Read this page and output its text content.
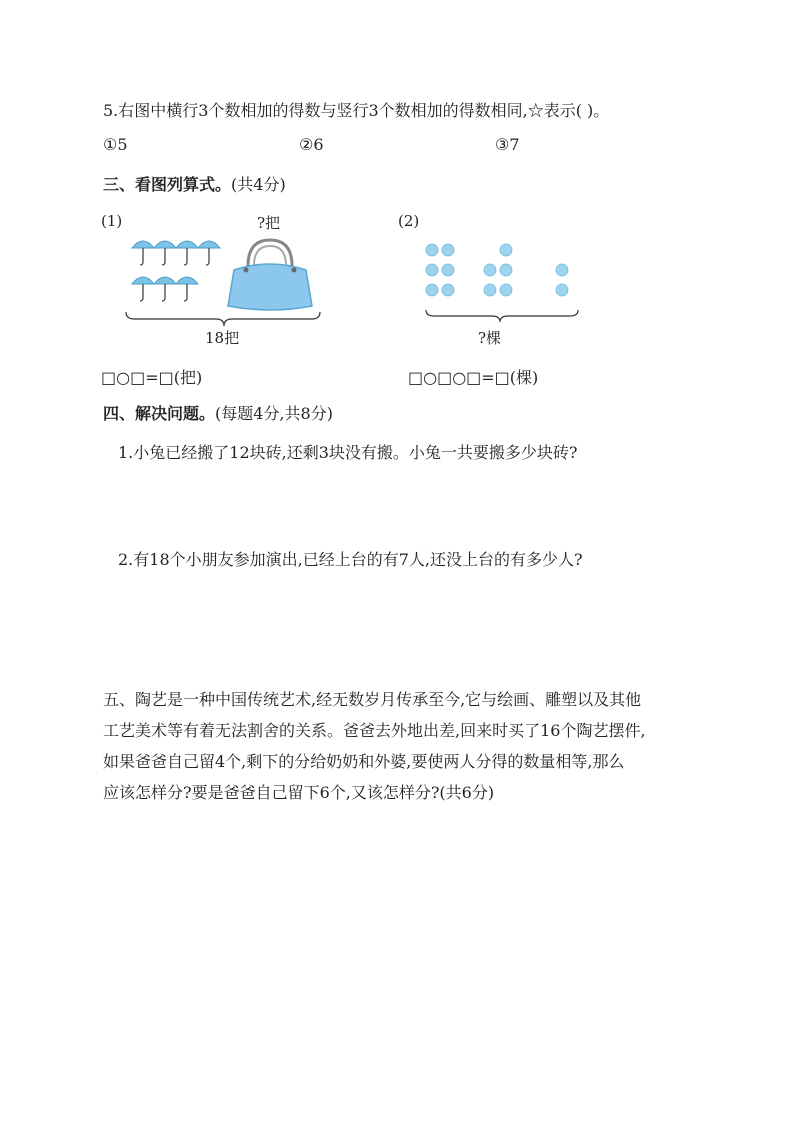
5.右图中横行3个数相加的得数与竖行3个数相加的得数相同,☆表示( )。
①5	②6	③7
三、看图列算式。(共4分)
(1)	?把
18把
(2)
?棵
□○□=□(把)	□○□○□=□(棵)
四、解决问题。(每题4分,共8分)
1.小兔已经搬了12块砖,还剩3块没有搬。小兔一共要搬多少块砖?
2.有18个小朋友参加演出,已经上台的有7人,还没上台的有多少人?
五、陶艺是一种中国传统艺术,经无数岁月传承至今,它与绘画、雕塑以及其他
工艺美术等有着无法割舍的关系。爸爸去外地出差,回来时买了16个陶艺摆件,
如果爸爸自己留4个,剩下的分给奶奶和外婆,要使两人分得的数量相等,那么
应该怎样分?要是爸爸自己留下6个,又该怎样分?(共6分)
